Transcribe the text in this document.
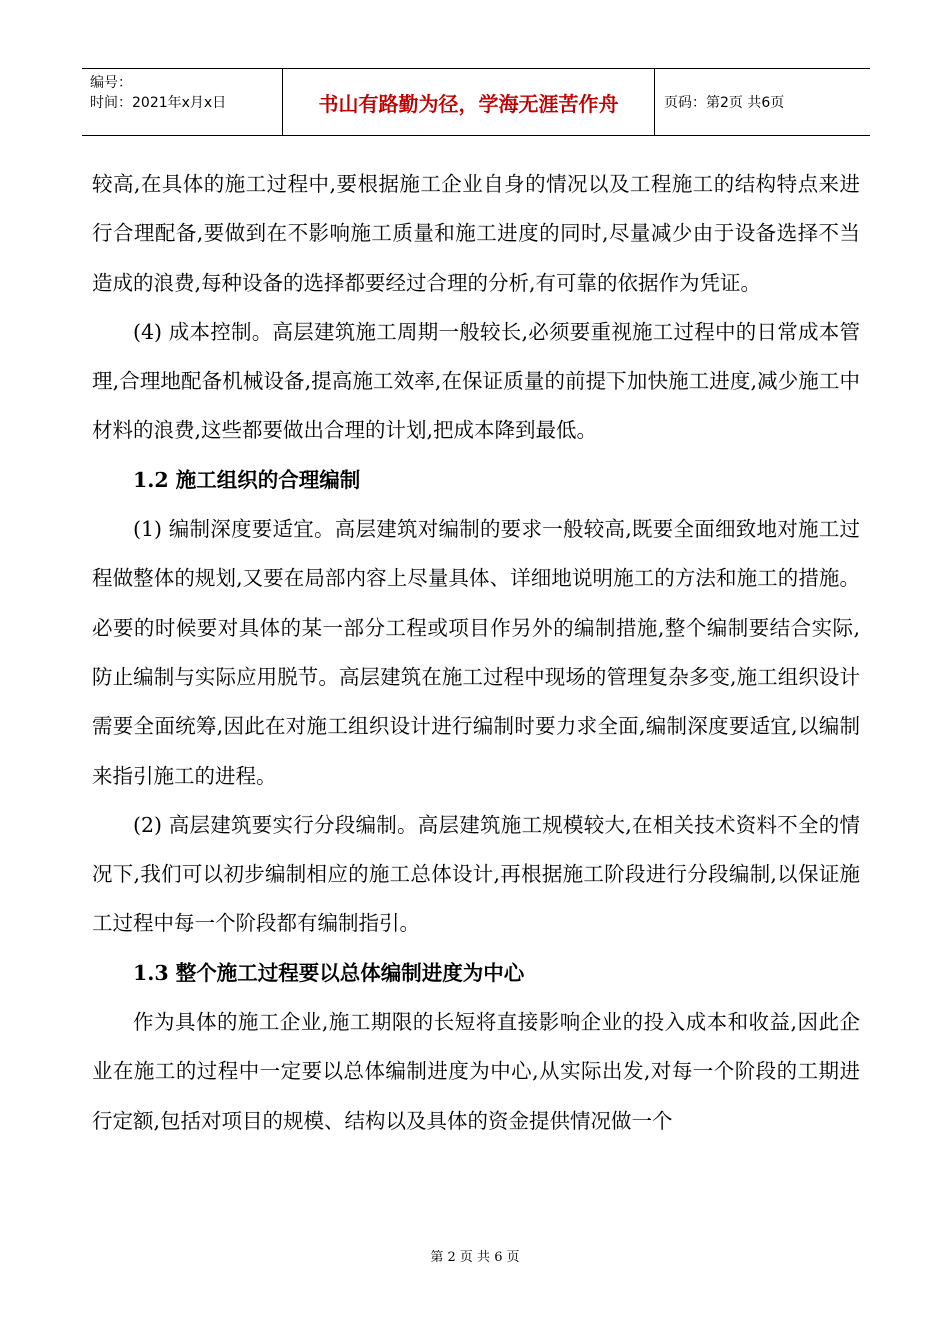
编号：
时间：2021年x月x日	书山有路勤为径，学海无涯苦作舟	页码：第2页 共6页

较高,在具体的施工过程中,要根据施工企业自身的情况以及工程施工的结构特点来进行合理配备,要做到在不影响施工质量和施工进度的同时,尽量减少由于设备选择不当造成的浪费,每种设备的选择都要经过合理的分析,有可靠的依据作为凭证。

(4) 成本控制。高层建筑施工周期一般较长,必须要重视施工过程中的日常成本管理,合理地配备机械设备,提高施工效率,在保证质量的前提下加快施工进度,减少施工中材料的浪费,这些都要做出合理的计划,把成本降到最低。

1.2 施工组织的合理编制

(1) 编制深度要适宜。高层建筑对编制的要求一般较高,既要全面细致地对施工过程做整体的规划,又要在局部内容上尽量具体、详细地说明施工的方法和施工的措施。必要的时候要对具体的某一部分工程或项目作另外的编制措施,整个编制要结合实际,防止编制与实际应用脱节。高层建筑在施工过程中现场的管理复杂多变,施工组织设计需要全面统筹,因此在对施工组织设计进行编制时要力求全面,编制深度要适宜,以编制来指引施工的进程。

(2) 高层建筑要实行分段编制。高层建筑施工规模较大,在相关技术资料不全的情况下,我们可以初步编制相应的施工总体设计,再根据施工阶段进行分段编制,以保证施工过程中每一个阶段都有编制指引。

1.3 整个施工过程要以总体编制进度为中心

作为具体的施工企业,施工期限的长短将直接影响企业的投入成本和收益,因此企业在施工的过程中一定要以总体编制进度为中心,从实际出发,对每一个阶段的工期进行定额,包括对项目的规模、结构以及具体的资金提供情况做一个

第 2 页 共 6 页
